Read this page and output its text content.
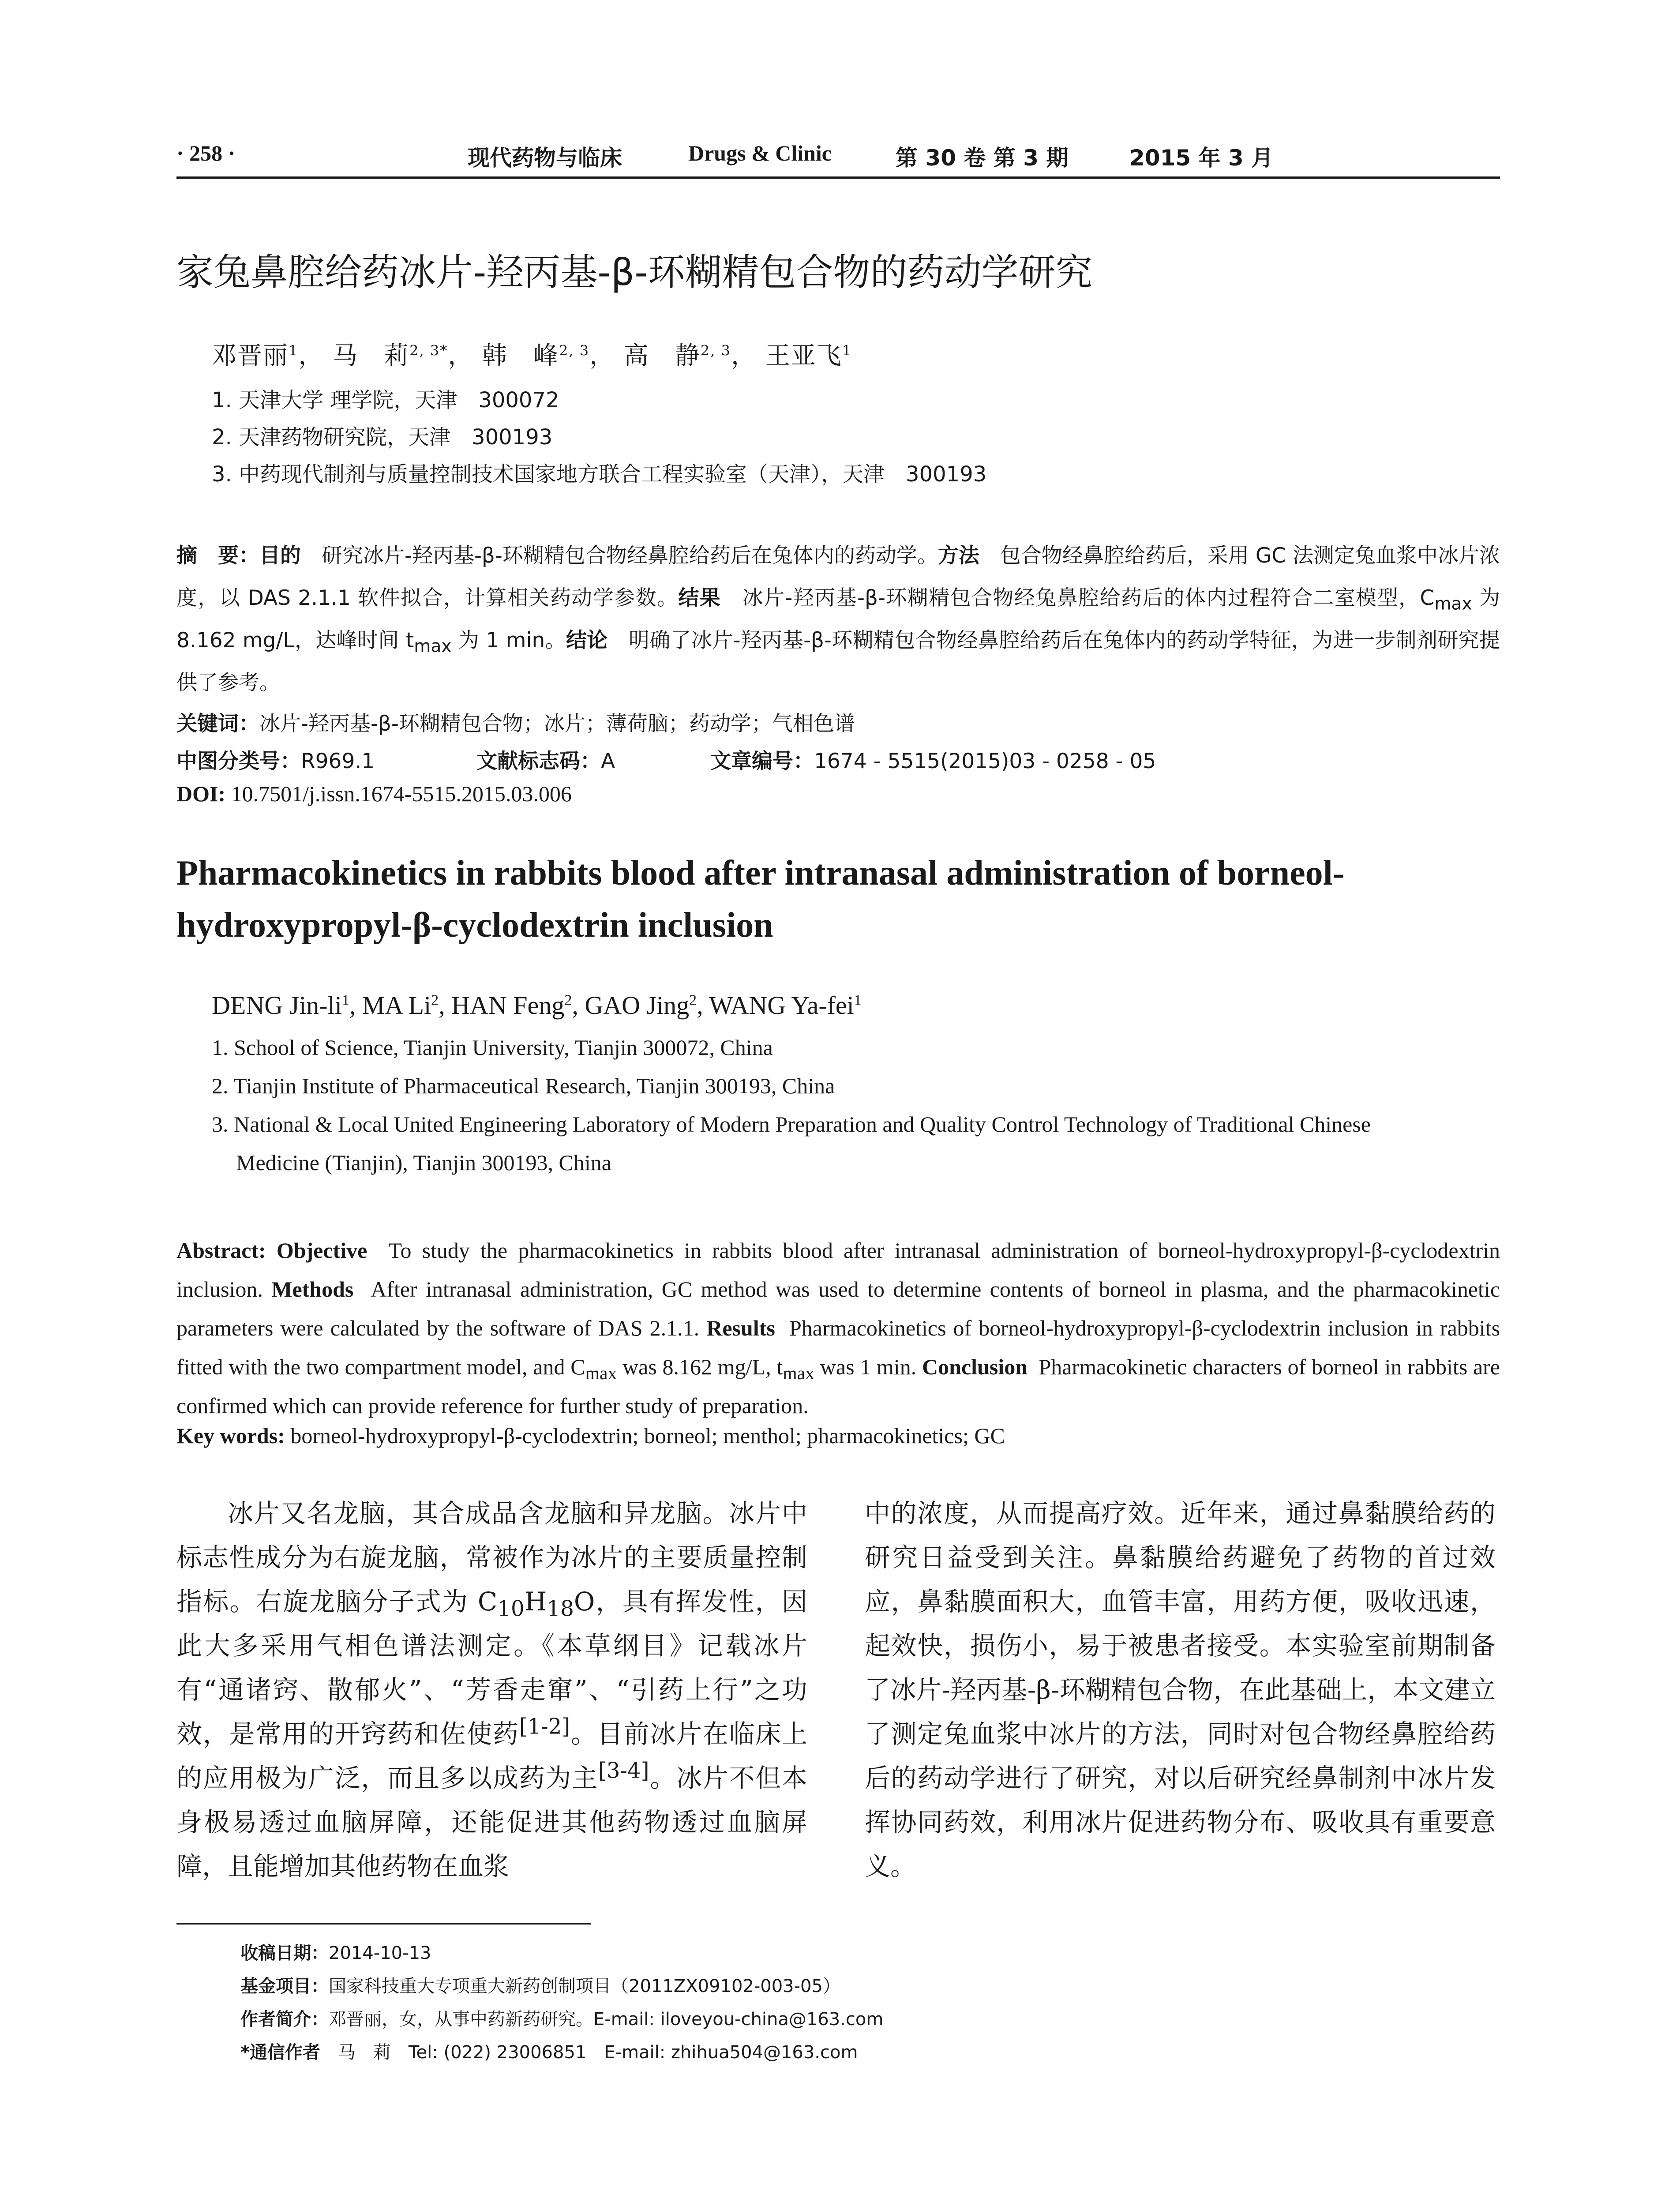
· 258 ·	现代药物与临床	Drugs & Clinic	第 30 卷 第 3 期	2015 年 3 月
家兔鼻腔给药冰片-羟丙基-β-环糊精包合物的药动学研究
邓晋丽$^1$， 马　莉$^{2, 3*}$， 韩　峰$^{2, 3}$， 高　静$^{2, 3}$， 王亚飞$^1$
1. 天津大学 理学院，天津　300072
2. 天津药物研究院，天津　300193
3. 中药现代制剂与质量控制技术国家地方联合工程实验室（天津），天津　300193
摘　要：目的　 研究冰片-羟丙基-β-环糊精包合物经鼻腔给药后在兔体内的药动学。方法　 包合物经鼻腔给药后，采用 GC 法测定兔血浆中冰片浓度，以 DAS 2.1.1 软件拟合，计算相关药动学参数。结果　 冰片-羟丙基-β-环糊精包合物经兔鼻腔给药后的体内过程符合二室模型，$C_{max}$ 为 8.162 mg/L，达峰时间 $t_{max}$ 为 1 min。结论　 明确了冰片-羟丙基-β-环糊精包合物经鼻腔给药后在兔体内的药动学特征，为进一步制剂研究提供了参考。
关键词：冰片-羟丙基-β-环糊精包合物；冰片；薄荷脑；药动学；气相色谱
中图分类号：R969.1	文献标志码：A	文章编号：1674 - 5515(2015)03 - 0258 - 05
DOI: 10.7501/j.issn.1674-5515.2015.03.006
Pharmacokinetics in rabbits blood after intranasal administration of borneol-hydroxypropyl-β-cyclodextrin inclusion
DENG Jin-$li^1$, MA Li$^2$, HAN Feng$^2$, GAO Jing$^2$, WANG Ya-fei$^1$
1. School of Science, Tianjin University, Tianjin 300072, China
2. Tianjin Institute of Pharmaceutical Research, Tianjin 300193, China
3. National & Local United Engineering Laboratory of Modern Preparation and Quality Control Technology of Traditional Chinese
Medicine (Tianjin), Tianjin 300193, China
Abstract: Objective To study the pharmacokinetics in rabbits blood after intranasal administration of borneol-hydroxypropyl-β-cyclodextrin inclusion. Methods After intranasal administration, GC method was used to determine contents of borneol in plasma, and the pharmacokinetic parameters were calculated by the software of DAS 2.1.1. Results Pharmacokinetics of borneol-hydroxypropyl-β-cyclodextrin inclusion in rabbits fitted with the two compartment model, and $C_{max}$ was 8.162 mg/L, $t_{max}$ was 1 min. Conclusion Pharmacokinetic characters of borneol in rabbits are confirmed which can provide reference for further study of preparation.
Key words: borneol-hydroxypropyl-β-cyclodextrin; borneol; menthol; pharmacokinetics; GC
冰片又名龙脑，其合成品含龙脑和异龙脑。冰片中标志性成分为右旋龙脑，常被作为冰片的主要质量控制指标。右旋龙脑分子式为 $C_{10}H_{18}O$，具有挥发性，因此大多采用气相色谱法测定。《本草纲目》记载冰片有“通诸窍、散郁火”、“芳香走窜”、“引药上行”之功效，是常用的开窍药和佐使药[1-2]。目前冰片在临床上的应用极为广泛，而且多以成药为主[3-4]。冰片不但本身极易透过血脑屏障，还能促进其他药物透过血脑屏障，且能增加其他药物在血浆
中的浓度，从而提高疗效。近年来，通过鼻黏膜给药的研究日益受到关注。鼻黏膜给药避免了药物的首过效应，鼻黏膜面积大，血管丰富，用药方便，吸收迅速，起效快，损伤小，易于被患者接受。本实验室前期制备了冰片-羟丙基-β-环糊精包合物，在此基础上，本文建立了测定兔血浆中冰片的方法，同时对包合物经鼻腔给药后的药动学进行了研究，对以后研究经鼻制剂中冰片发挥协同药效，利用冰片促进药物分布、吸收具有重要意义。
收稿日期：2014-10-13
基金项目：国家科技重大专项重大新药创制项目（2011ZX09102-003-05）
作者简介：邓晋丽，女，从事中药新药研究。E-mail: iloveyou-china@163.com
*通信作者　 马　莉　Tel: (022) 23006851　E-mail: zhihua504@163.com
